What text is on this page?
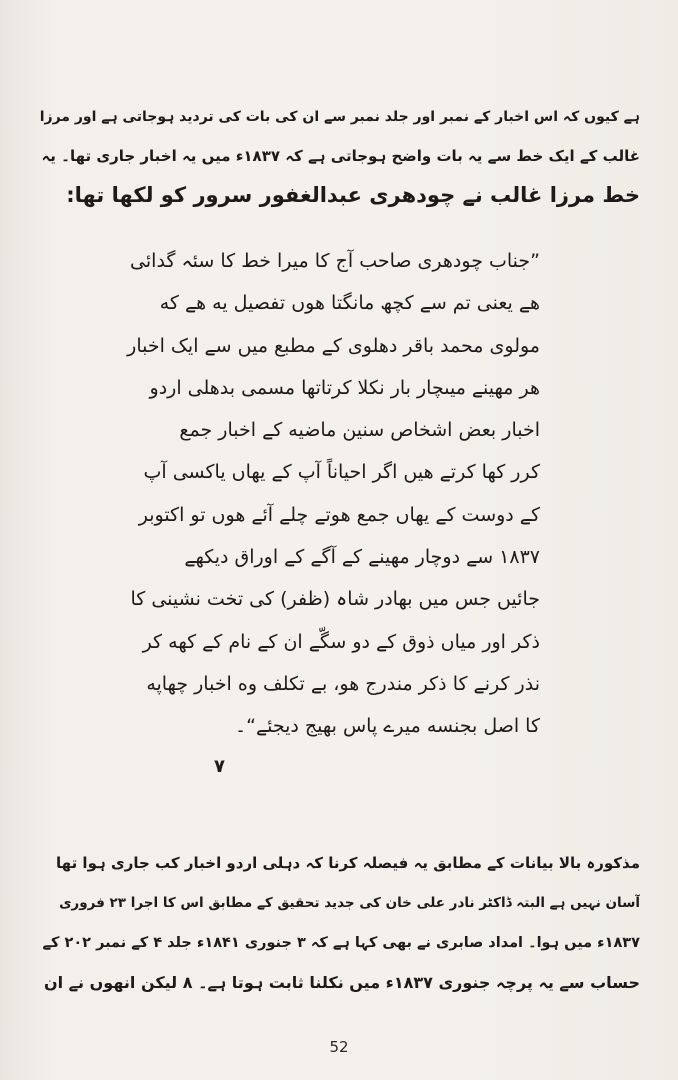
ہے کیوں کہ اس اخبار کے نمبر اور جلد نمبر سے ان کی بات کی تردید ہوجاتی ہے اور مرزا
غالب کے ایک خط سے یہ بات واضح ہوجاتی ہے کہ ۱۸۳۷ء میں یہ اخبار جاری تھا۔ یہ
خط مرزا غالب نے چودھری عبدالغفور سرور کو لکھا تھا:
”جناب چودھری صاحب آج کا میرا خط کا سئہ گدائی
هے یعنی تم سے کچھ مانگتا هوں تفصیل یه هے که
مولوی محمد باقر دهلوی کے مطبع میں سے ایک اخبار
هر مهینے میںچار بار نکلا کرتاتها مسمی بدهلی اردو
اخبار بعض اشخاص سنین ماضیه کے اخبار جمع
کرر کها کرتے هیں اگر احیاناً آپ کے یهاں یاکسی آپ
کے دوست کے یهاں جمع هوتے چلے آئے هوں تو اکتوبر
۱۸۳۷ سے دوچار مهینے کے آگے کے اوراق دیکھے
جائیں جس میں بهادر شاہ (ظفر) کی تخت نشینی کا
ذکر اور میاں ذوق کے دو سگّے ان کے نام کے کهه کر
نذر کرنے کا ذکر مندرج هو، بے تکلف وه اخبار چهاپه
کا اصل بجنسه میرے پاس بهیج دیجئے“۔
۷
مذکورہ بالا بیانات کے مطابق یہ فیصلہ کرنا کہ دہلی اردو اخبار کب جاری ہوا تھا
آسان نہیں ہے البتہ ڈاکٹر نادر علی خان کی جدید تحقیق کے مطابق اس کا اجرا ۲۳ فروری
۱۸۳۷ء میں ہوا۔ امداد صابری نے بھی کہا ہے کہ ۳ جنوری ۱۸۴۱ء جلد ۴ کے نمبر ۲۰۲ کے
حساب سے یہ پرچہ جنوری ۱۸۳۷ء میں نکلنا ثابت ہوتا ہے۔ ۸ لیکن انھوں نے ان
52
